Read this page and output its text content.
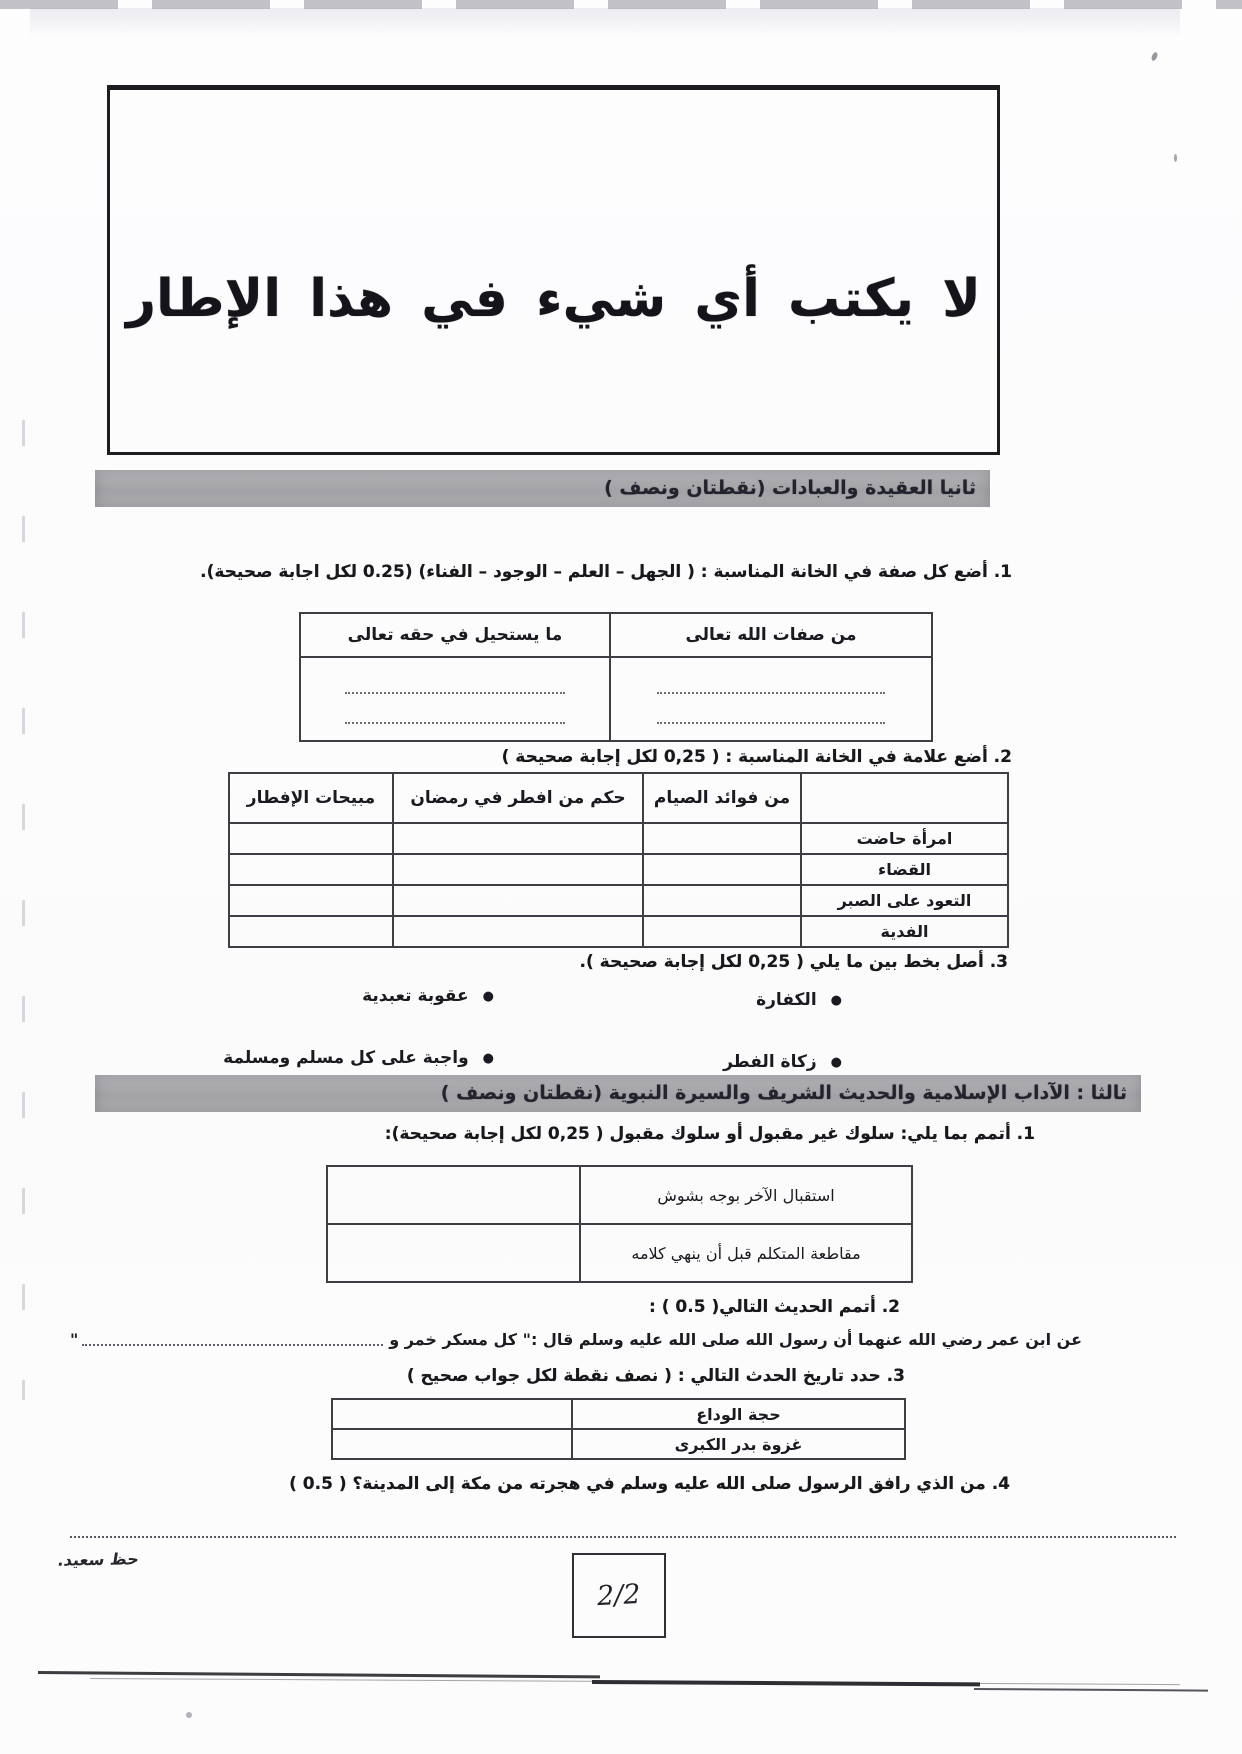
لا يكتب أي شيء في هذا الإطار
ثانيا العقيدة والعبادات (نقطتان ونصف )
1. أضع كل صفة في الخانة المناسبة : ( الجهل – العلم – الوجود – الفناء) (0.25 لكل اجابة صحيحة).
من صفات الله تعالى	ما يستحيل في حقه تعالى

2. أضع علامة في الخانة المناسبة : ( 0,25 لكل إجابة صحيحة )
	من فوائد الصيام	حكم من افطر في رمضان	مبيحات الإفطار
امرأة حاضت			
القضاء			
التعود على الصبر			
الفدية			
3. أصل بخط بين ما يلي ( 0,25 لكل إجابة صحيحة ).
●
الكفارة
●
زكاة الفطر
●
عقوبة تعبدية
●
واجبة على كل مسلم ومسلمة
ثالثا : الآداب الإسلامية والحديث الشريف والسيرة النبوية (نقطتان ونصف )
1. أتمم بما يلي: سلوك غير مقبول أو سلوك مقبول ( 0,25 لكل إجابة صحيحة):
استقبال الآخر بوجه بشوش	
مقاطعة المتكلم قبل أن ينهي كلامه	
2. أتمم الحديث التالي( 0.5 ) :
عن ابن عمر رضي الله عنهما أن رسول الله صلى الله عليه وسلم قال :" كل مسكر خمر و
"
3. حدد تاريخ الحدث التالي : ( نصف نقطة لكل جواب صحيح )
حجة الوداع	
غزوة بدر الكبرى	
4. من الذي رافق الرسول صلى الله عليه وسلم في هجرته من مكة إلى المدينة؟ ( 0.5 )
حظ سعيد.
2/2
